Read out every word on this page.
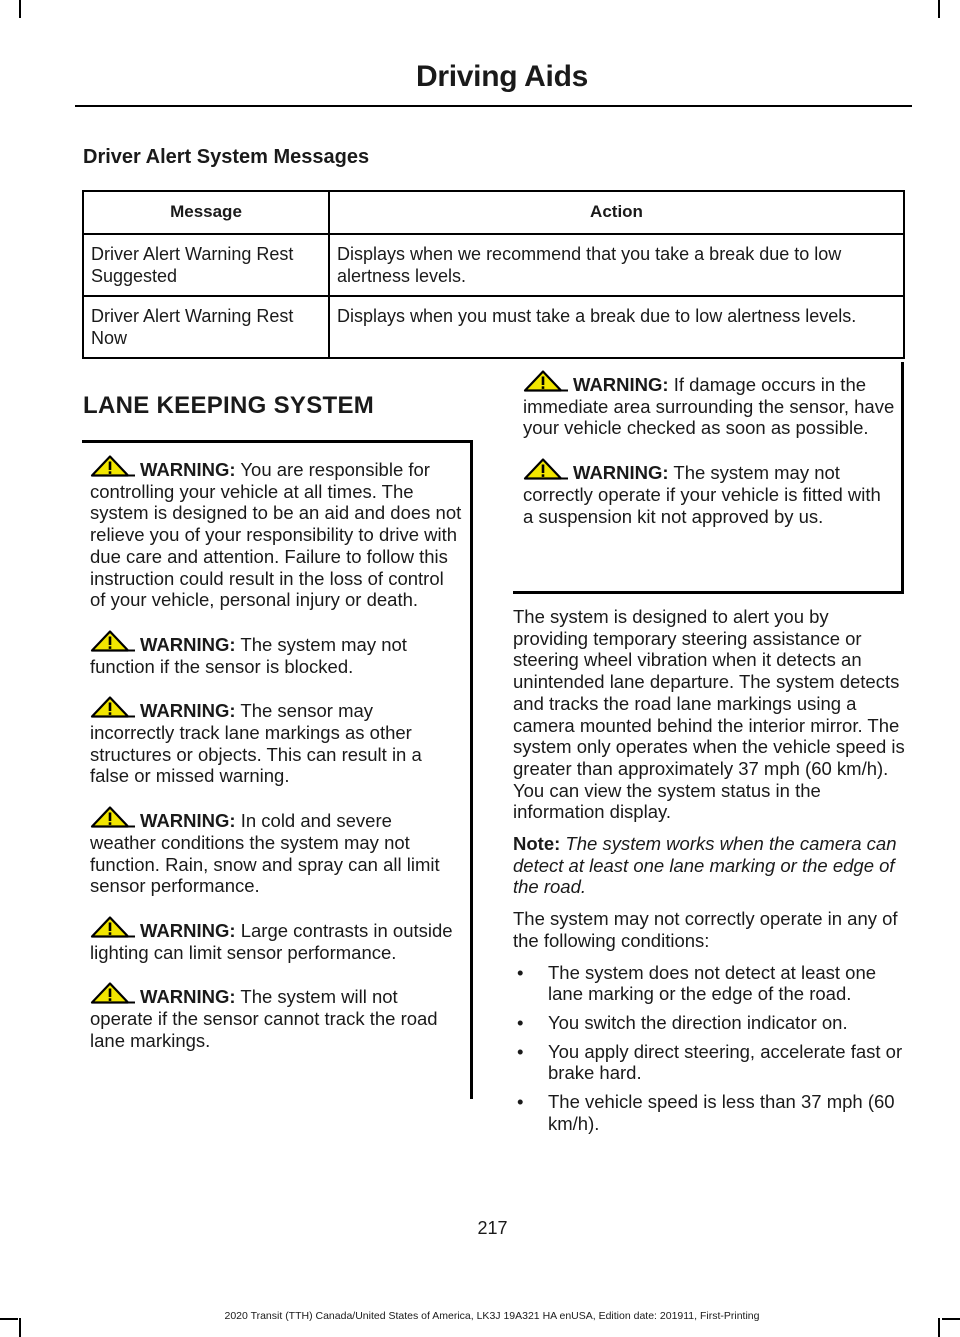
Driving Aids
Driver Alert System Messages
Message	Action
Driver Alert Warning Rest Suggested	Displays when we recommend that you take a break due to low alertness levels.
Driver Alert Warning Rest Now	Displays when you must take a break due to low alertness levels.
LANE KEEPING SYSTEM

WARNING: You are responsible for controlling your vehicle at all times. The system is designed to be an aid and does not relieve you of your responsibility to drive with due care and attention. Failure to follow this instruction could result in the loss of control of your vehicle, personal injury or death.

WARNING: The system may not function if the sensor is blocked.

WARNING: The sensor may incorrectly track lane markings as other structures or objects. This can result in a false or missed warning.

WARNING: In cold and severe weather conditions the system may not function. Rain, snow and spray can all limit sensor performance.

WARNING: Large contrasts in outside lighting can limit sensor performance.

WARNING: The system will not operate if the sensor cannot track the road lane markings.

WARNING: If damage occurs in the immediate area surrounding the sensor, have your vehicle checked as soon as possible.

WARNING: The system may not correctly operate if your vehicle is fitted with a suspension kit not approved by us.

The system is designed to alert you by providing temporary steering assistance or steering wheel vibration when it detects an unintended lane departure. The system detects and tracks the road lane markings using a camera mounted behind the interior mirror. The system only operates when the vehicle speed is greater than approximately 37 mph (60 km/h). You can view the system status in the information display.

Note: The system works when the camera can detect at least one lane marking or the edge of the road.

The system may not correctly operate in any of the following conditions:

• The system does not detect at least one lane marking or the edge of the road.
• You switch the direction indicator on.
• You apply direct steering, accelerate fast or brake hard.
• The vehicle speed is less than 37 mph (60 km/h).
217
2020 Transit (TTH) Canada/United States of America, LK3J 19A321 HA enUSA, Edition date: 201911, First-Printing
